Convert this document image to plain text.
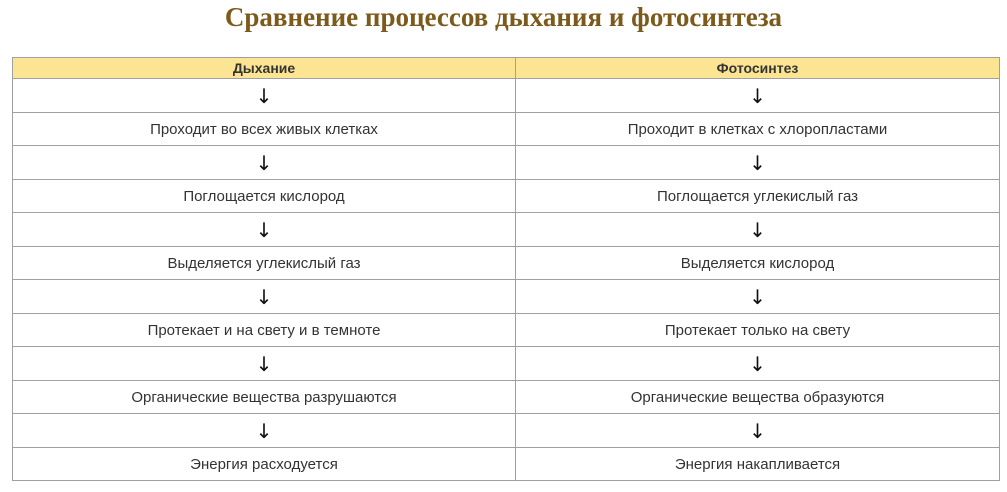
Сравнение процессов дыхания и фотосинтеза
Дыхание	Фотосинтез
↓	↓
Проходит во всех живых клетках	Проходит в клетках с хлоропластами
↓	↓
Поглощается кислород	Поглощается углекислый газ
↓	↓
Выделяется углекислый газ	Выделяется кислород
↓	↓
Протекает и на свету и в темноте	Протекает только на свету
↓	↓
Органические вещества разрушаются	Органические вещества образуются
↓	↓
Энергия расходуется	Энергия накапливается
